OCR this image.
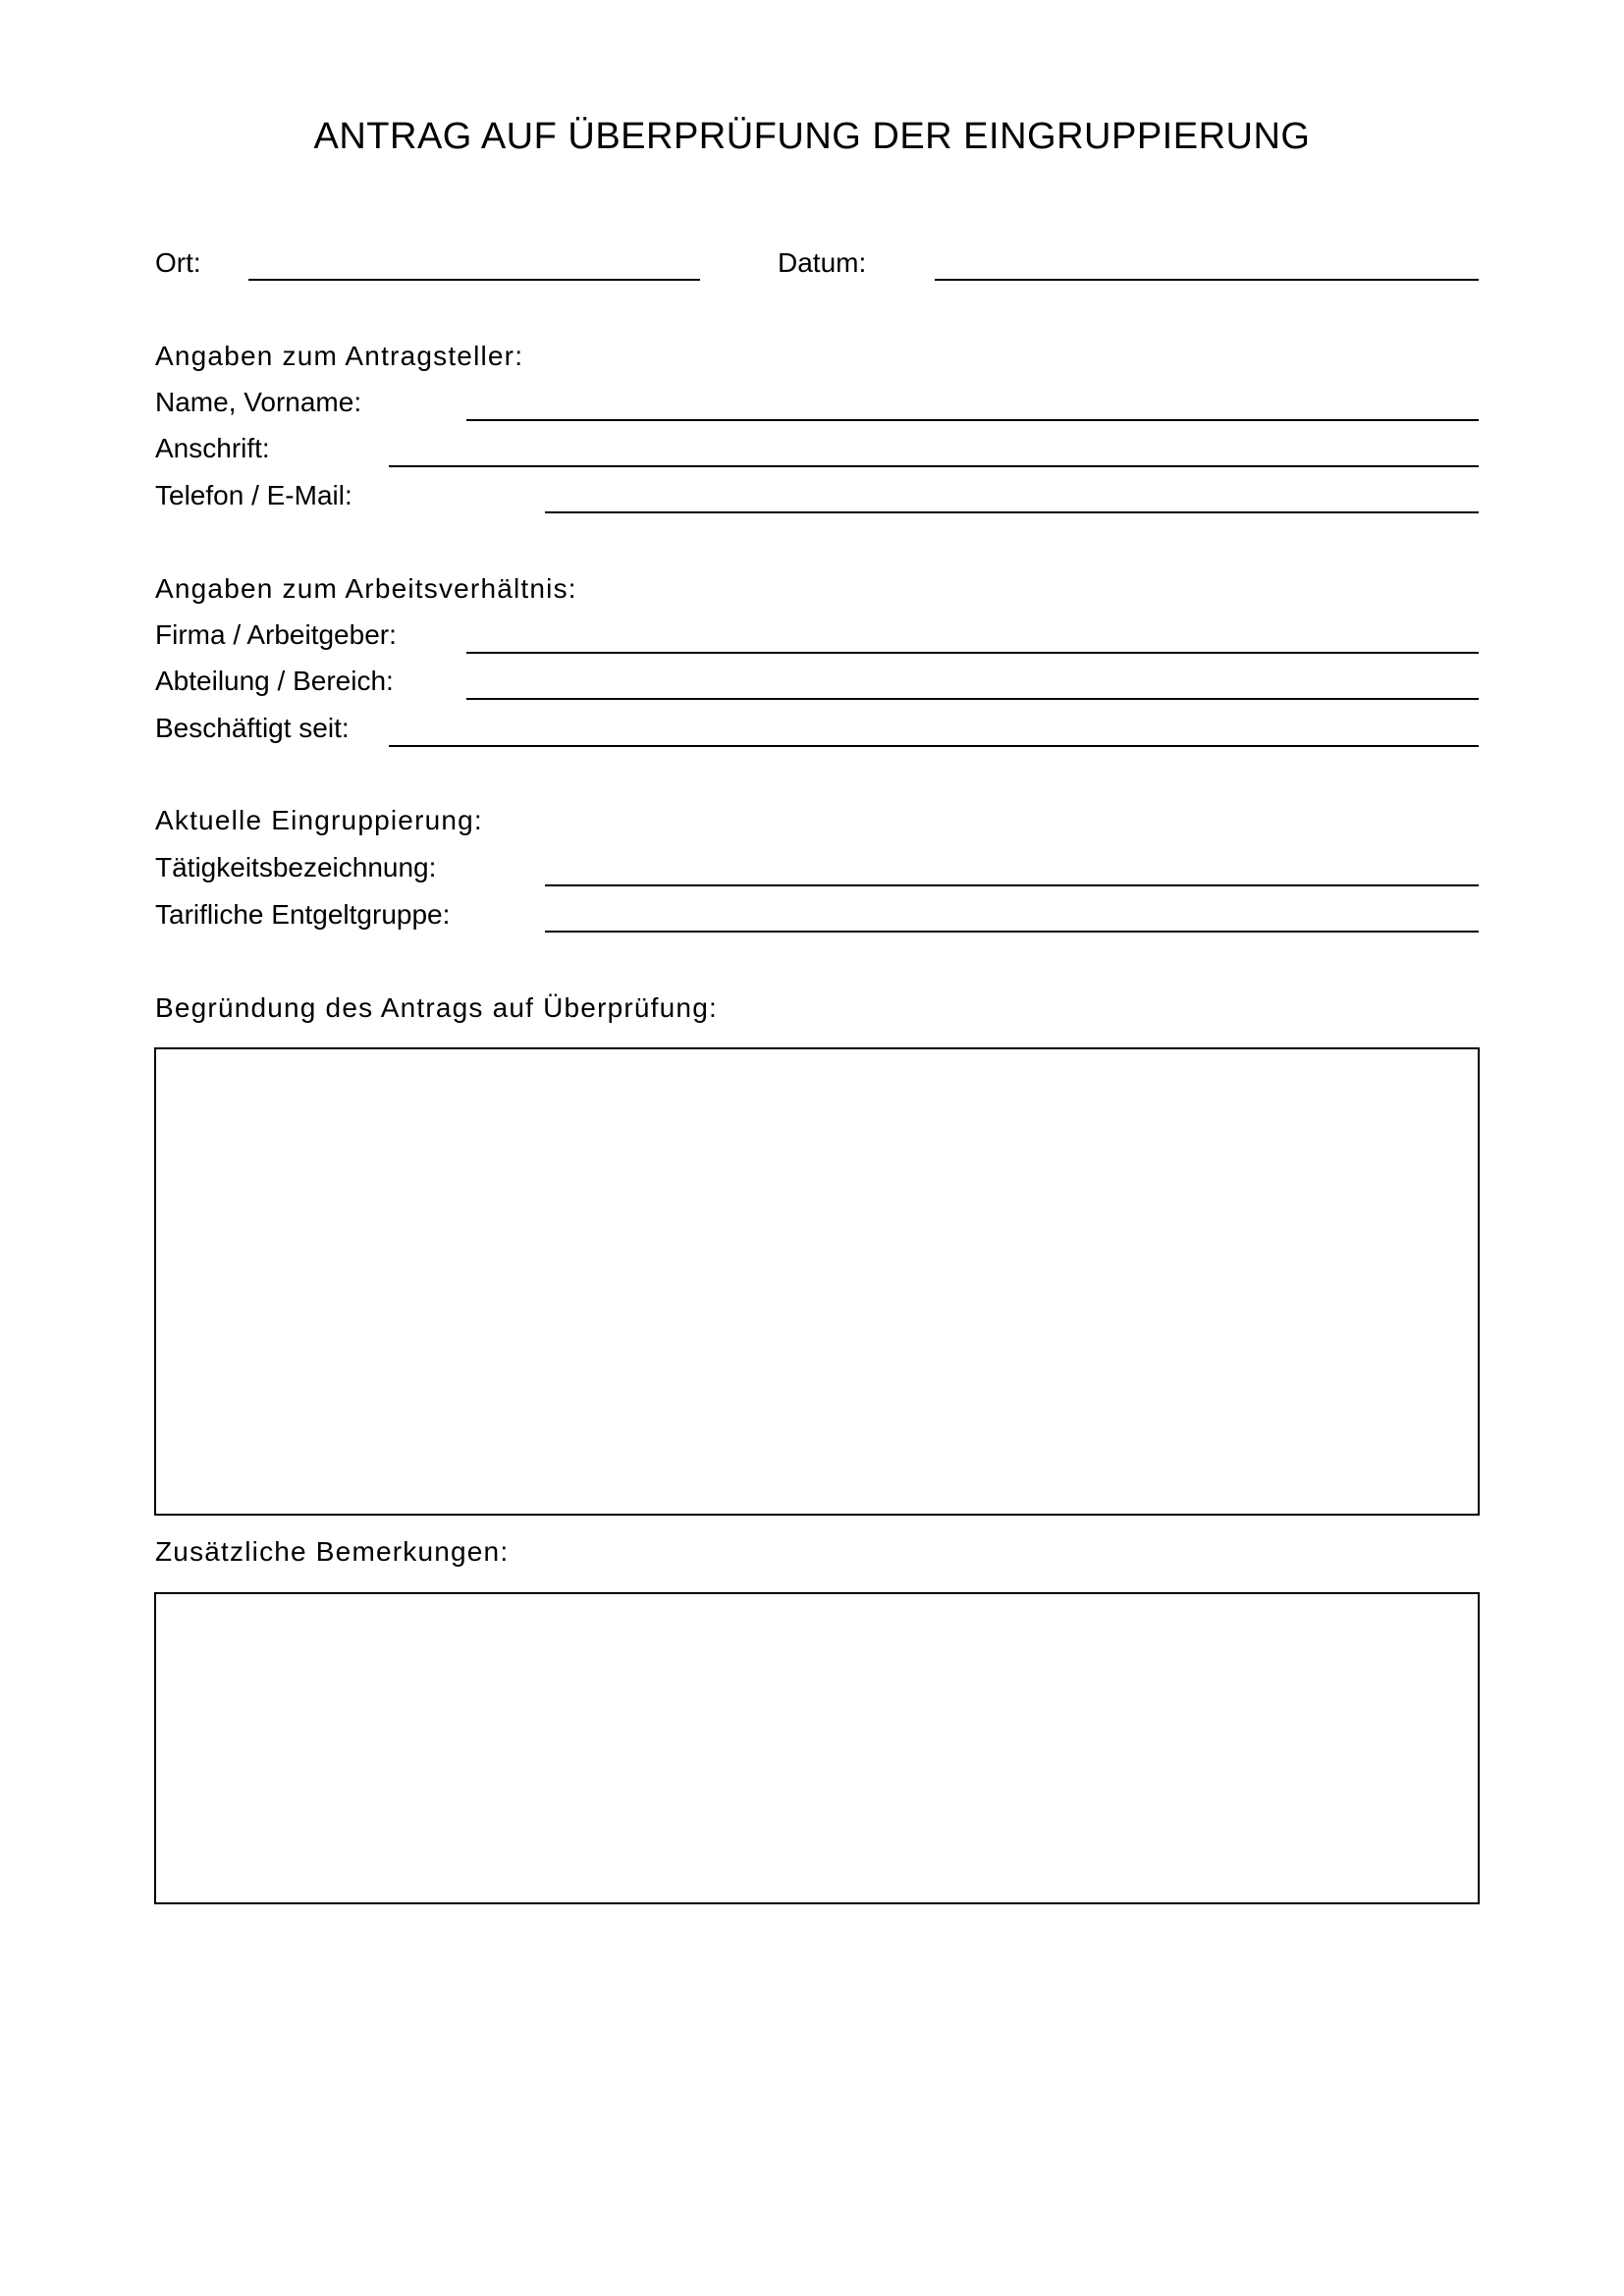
ANTRAG AUF ÜBERPRÜFUNG DER EINGRUPPIERUNG
Ort:	Datum:
Angaben zum Antragsteller:
Name, Vorname:
Anschrift:
Telefon / E-Mail:
Angaben zum Arbeitsverhältnis:
Firma / Arbeitgeber:
Abteilung / Bereich:
Beschäftigt seit:
Aktuelle Eingruppierung:
Tätigkeitsbezeichnung:
Tarifliche Entgeltgruppe:
Begründung des Antrags auf Überprüfung:
Zusätzliche Bemerkungen:
